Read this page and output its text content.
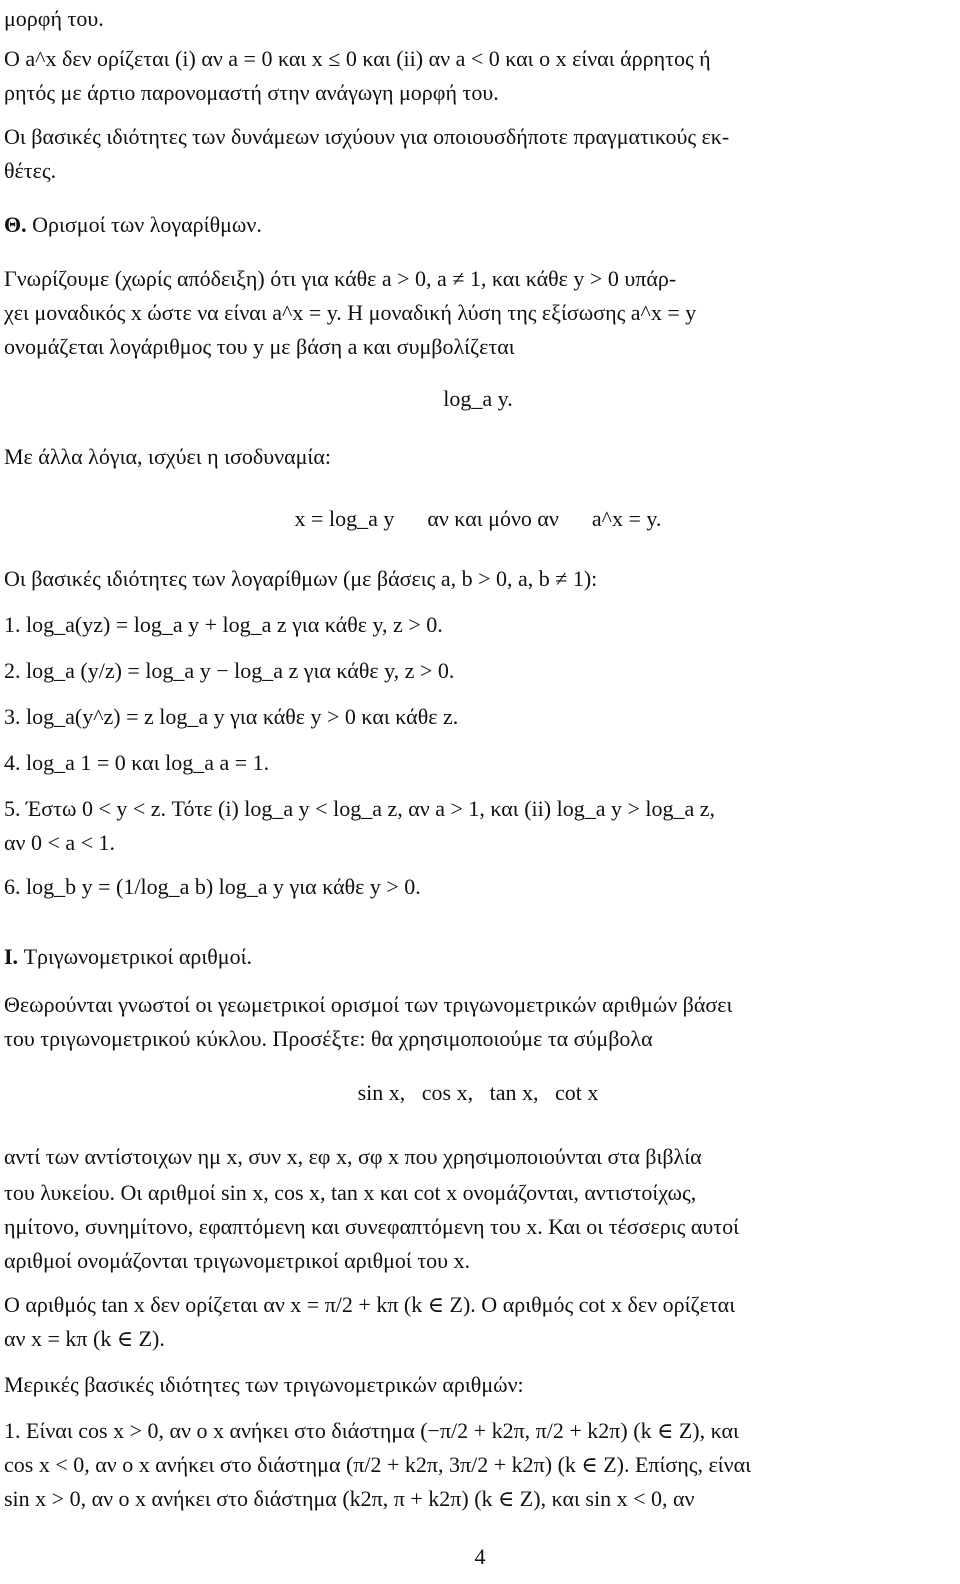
μορφή του.

Ο a^x δεν ορίζεται (i) αν a = 0 και x ≤ 0 και (ii) αν a < 0 και ο x είναι άρρητος ή

ρητός με άρτιο παρονομαστή στην ανάγωγη μορφή του.

Οι βασικές ιδιότητες των δυνάμεων ισχύουν για οποιουσδήποτε πραγματικούς εκ-

θέτες.

Θ. Ορισμοί των λογαρίθμων.

Γνωρίζουμε (χωρίς απόδειξη) ότι για κάθε a > 0, a ≠ 1, και κάθε y > 0 υπάρ-

χει μοναδικός x ώστε να είναι a^x = y. Η μοναδική λύση της εξίσωσης a^x = y

ονομάζεται λογάριθμος του y με βάση a και συμβολίζεται

log_a y.

Με άλλα λόγια, ισχύει η ισοδυναμία:

x = log_a y      αν και μόνο αν      a^x = y.

Οι βασικές ιδιότητες των λογαρίθμων (με βάσεις a, b > 0, a, b ≠ 1):

1. log_a(yz) = log_a y + log_a z για κάθε y, z > 0.

2. log_a (y/z) = log_a y − log_a z για κάθε y, z > 0.

3. log_a(y^z) = z log_a y για κάθε y > 0 και κάθε z.

4. log_a 1 = 0 και log_a a = 1.

5. Έστω 0 < y < z. Τότε (i) log_a y < log_a z, αν a > 1, και (ii) log_a y > log_a z,

αν 0 < a < 1.

6. log_b y = (1/log_a b) log_a y για κάθε y > 0.

Ι. Τριγωνομετρικοί αριθμοί.

Θεωρούνται γνωστοί οι γεωμετρικοί ορισμοί των τριγωνομετρικών αριθμών βάσει

του τριγωνομετρικού κύκλου. Προσέξτε: θα χρησιμοποιούμε τα σύμβολα

sin x,   cos x,   tan x,   cot x

αντί των αντίστοιχων ημ x, συν x, εφ x, σφ x που χρησιμοποιούνται στα βιβλία

του λυκείου. Οι αριθμοί sin x, cos x, tan x και cot x ονομάζονται, αντιστοίχως,

ημίτονο, συνημίτονο, εφαπτόμενη και συνεφαπτόμενη του x. Και οι τέσσερις αυτοί

αριθμοί ονομάζονται τριγωνομετρικοί αριθμοί του x.

Ο αριθμός tan x δεν ορίζεται αν x = π/2 + kπ (k ∈ Z). Ο αριθμός cot x δεν ορίζεται

αν x = kπ (k ∈ Z).

Μερικές βασικές ιδιότητες των τριγωνομετρικών αριθμών:

1. Είναι cos x > 0, αν ο x ανήκει στο διάστημα (−π/2 + k2π, π/2 + k2π) (k ∈ Z), και

cos x < 0, αν ο x ανήκει στο διάστημα (π/2 + k2π, 3π/2 + k2π) (k ∈ Z). Επίσης, είναι

sin x > 0, αν ο x ανήκει στο διάστημα (k2π, π + k2π) (k ∈ Z), και sin x < 0, αν

4
